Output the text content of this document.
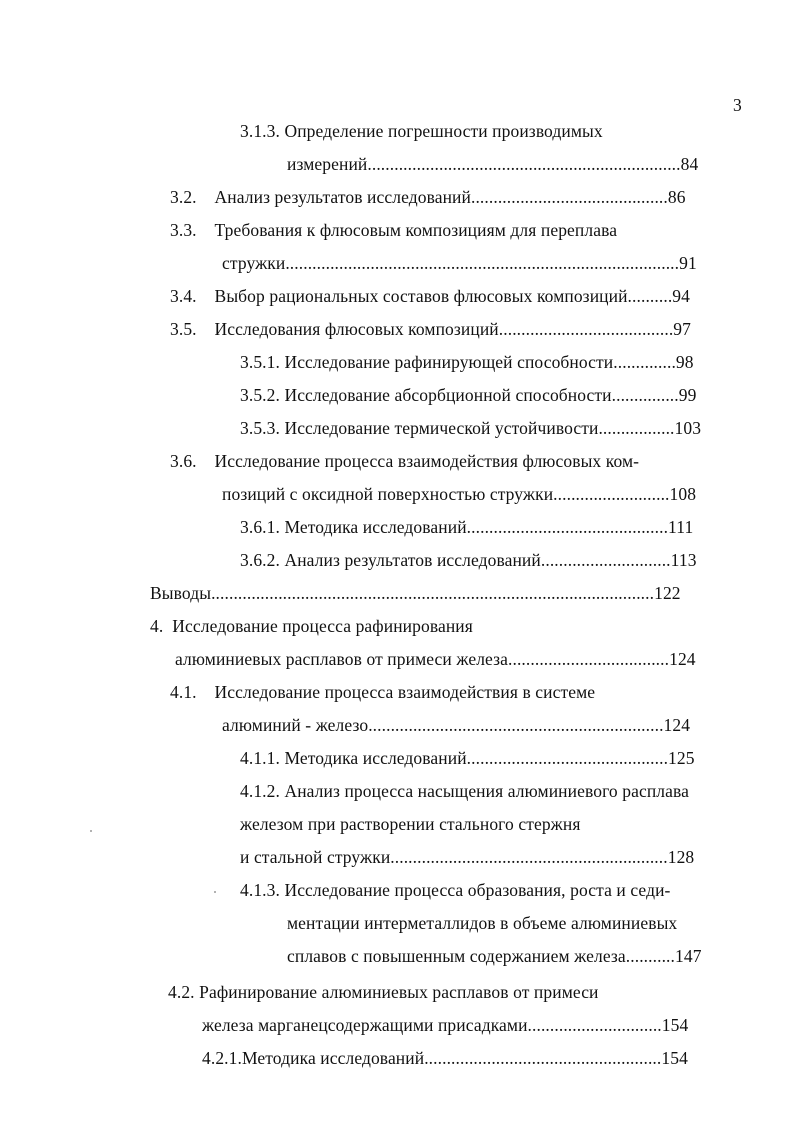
3
3.1.3. Определение погрешности производимых
измерений......................................................................84
3.2.    Анализ результатов исследований............................................86
3.3.    Требования к флюсовым композициям для переплава
стружки........................................................................................91
3.4.    Выбор рациональных составов флюсовых композиций..........94
3.5.    Исследования флюсовых композиций.......................................97
3.5.1. Исследование рафинирующей способности..............98
3.5.2. Исследование абсорбционной способности...............99
3.5.3. Исследование термической устойчивости.................103
3.6.    Исследование процесса взаимодействия флюсовых ком-
позиций с оксидной поверхностью стружки..........................108
3.6.1. Методика исследований.............................................111
3.6.2. Анализ результатов исследований.............................113
Выводы...................................................................................................122
4.  Исследование процесса рафинирования
алюминиевых расплавов от примеси железа....................................124
4.1.    Исследование процесса взаимодействия в системе
алюминий - железо..................................................................124
4.1.1. Методика исследований.............................................125
4.1.2. Анализ процесса насыщения алюминиевого расплава
железом при растворении стального стержня
и стальной стружки..............................................................128
4.1.3. Исследование процесса образования, роста и седи-
ментации интерметаллидов в объеме алюминиевых
сплавов с повышенным содержанием железа...........147
4.2. Рафинирование алюминиевых расплавов от примеси
железа марганецсодержащими присадками..............................154
4.2.1.Методика исследований.....................................................154
